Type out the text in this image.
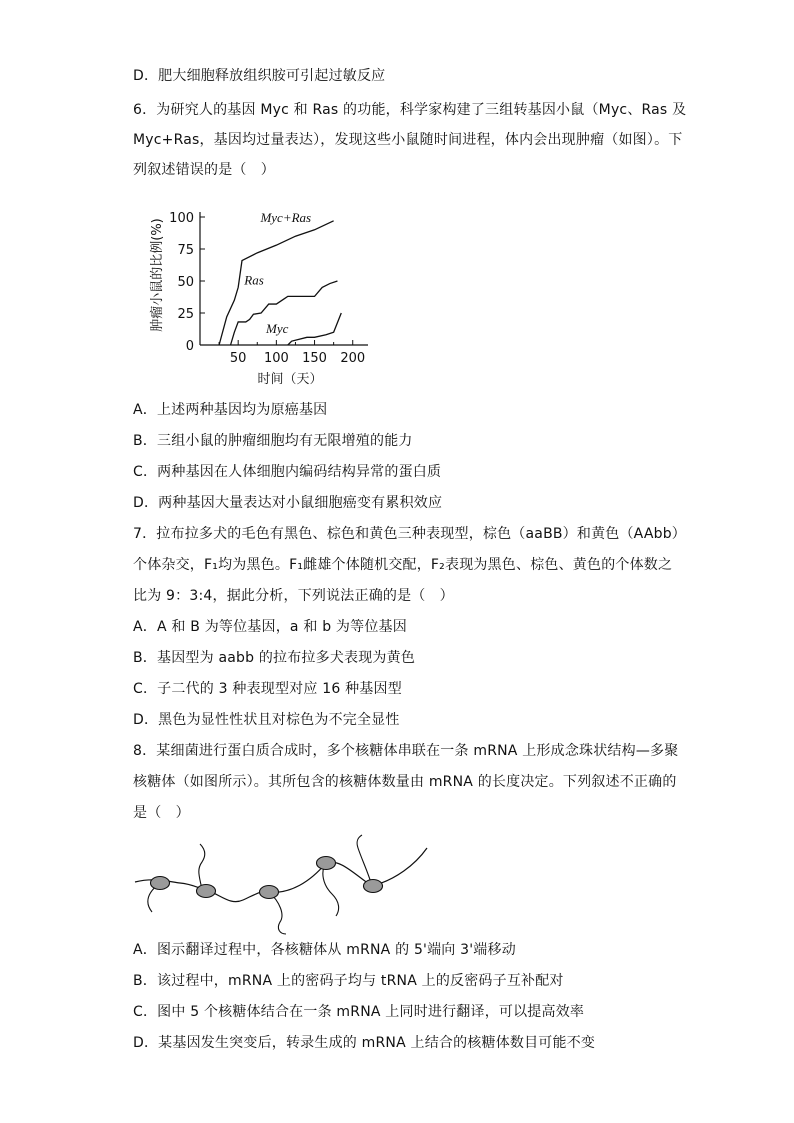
D．肥大细胞释放组织胺可引起过敏反应
6．为研究人的基因 Myc 和 Ras 的功能，科学家构建了三组转基因小鼠（Myc、Ras 及
Myc+Ras，基因均过量表达），发现这些小鼠随时间进程，体内会出现肿瘤（如图）。下
列叙述错误的是（　）
肿瘤小鼠的比例(%)
0
25
50
75
100
50 100 150 200
Myc+Ras
Ras
Myc
时间（天）
A．上述两种基因均为原癌基因
B．三组小鼠的肿瘤细胞均有无限增殖的能力
C．两种基因在人体细胞内编码结构异常的蛋白质
D．两种基因大量表达对小鼠细胞癌变有累积效应
7．拉布拉多犬的毛色有黑色、棕色和黄色三种表现型，棕色（aaBB）和黄色（AAbb）
个体杂交，F₁均为黑色。F₁雌雄个体随机交配，F₂表现为黑色、棕色、黄色的个体数之
比为 9：3:4，据此分析，下列说法正确的是（　）
A．A 和 B 为等位基因，a 和 b 为等位基因
B．基因型为 aabb 的拉布拉多犬表现为黄色
C．子二代的 3 种表现型对应 16 种基因型
D．黑色为显性性状且对棕色为不完全显性
8．某细菌进行蛋白质合成时，多个核糖体串联在一条 mRNA 上形成念珠状结构—多聚
核糖体（如图所示）。其所包含的核糖体数量由 mRNA 的长度决定。下列叙述不正确的
是（　）
A．图示翻译过程中，各核糖体从 mRNA 的 5'端向 3'端移动
B．该过程中，mRNA 上的密码子均与 tRNA 上的反密码子互补配对
C．图中 5 个核糖体结合在一条 mRNA 上同时进行翻译，可以提高效率
D．某基因发生突变后，转录生成的 mRNA 上结合的核糖体数目可能不变
